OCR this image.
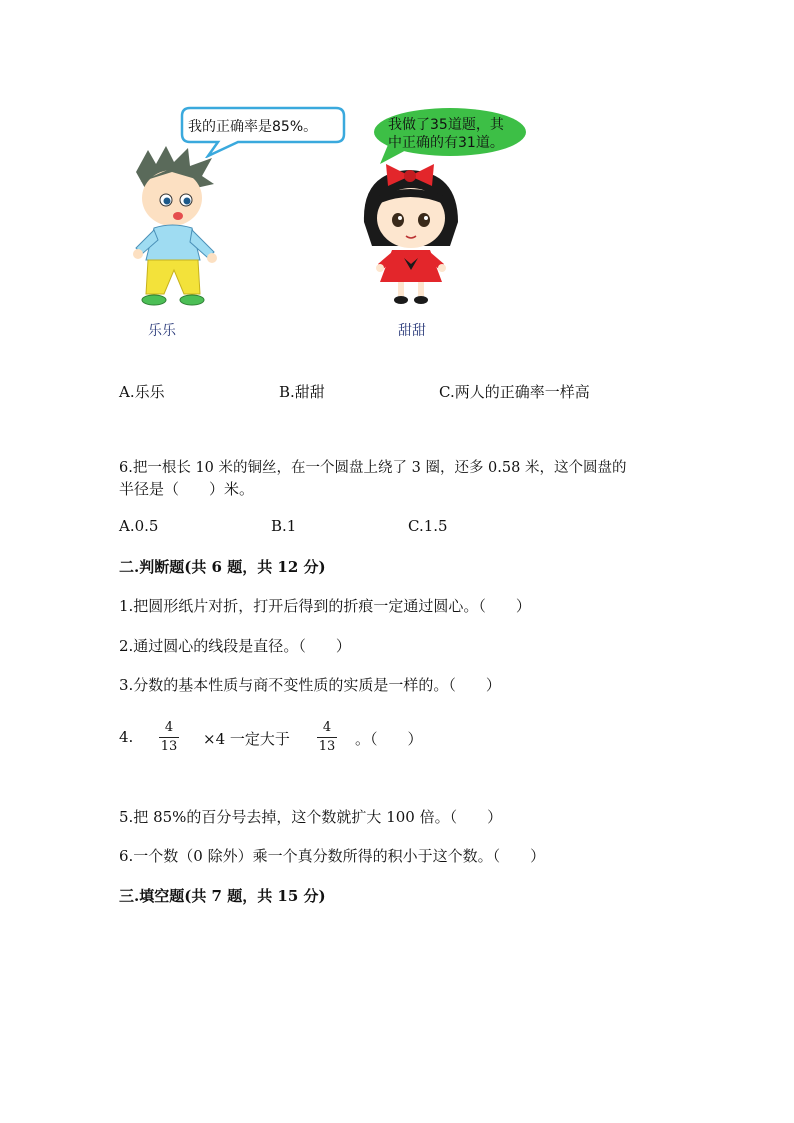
我的正确率是85%。
乐乐
我做了35道题，其
中正确的有31道。
甜甜
A.乐乐	B.甜甜	C.两人的正确率一样高
6.把一根长 10 米的铜丝，在一个圆盘上绕了 3 圈，还多 0.58 米，这个圆盘的
半径是（　　）米。
A.0.5	B.1	C.1.5
二.判断题(共 6 题，共 12 分)
1.把圆形纸片对折，打开后得到的折痕一定通过圆心。（　　）
2.通过圆心的线段是直径。（　　）
3.分数的基本性质与商不变性质的实质是一样的。（　　）
4.
4
13 ×4 一定大于
4
13 。（　　）
5.把 85%的百分号去掉，这个数就扩大 100 倍。（　　）
6.一个数（0 除外）乘一个真分数所得的积小于这个数。（　　）
三.填空题(共 7 题，共 15 分)
